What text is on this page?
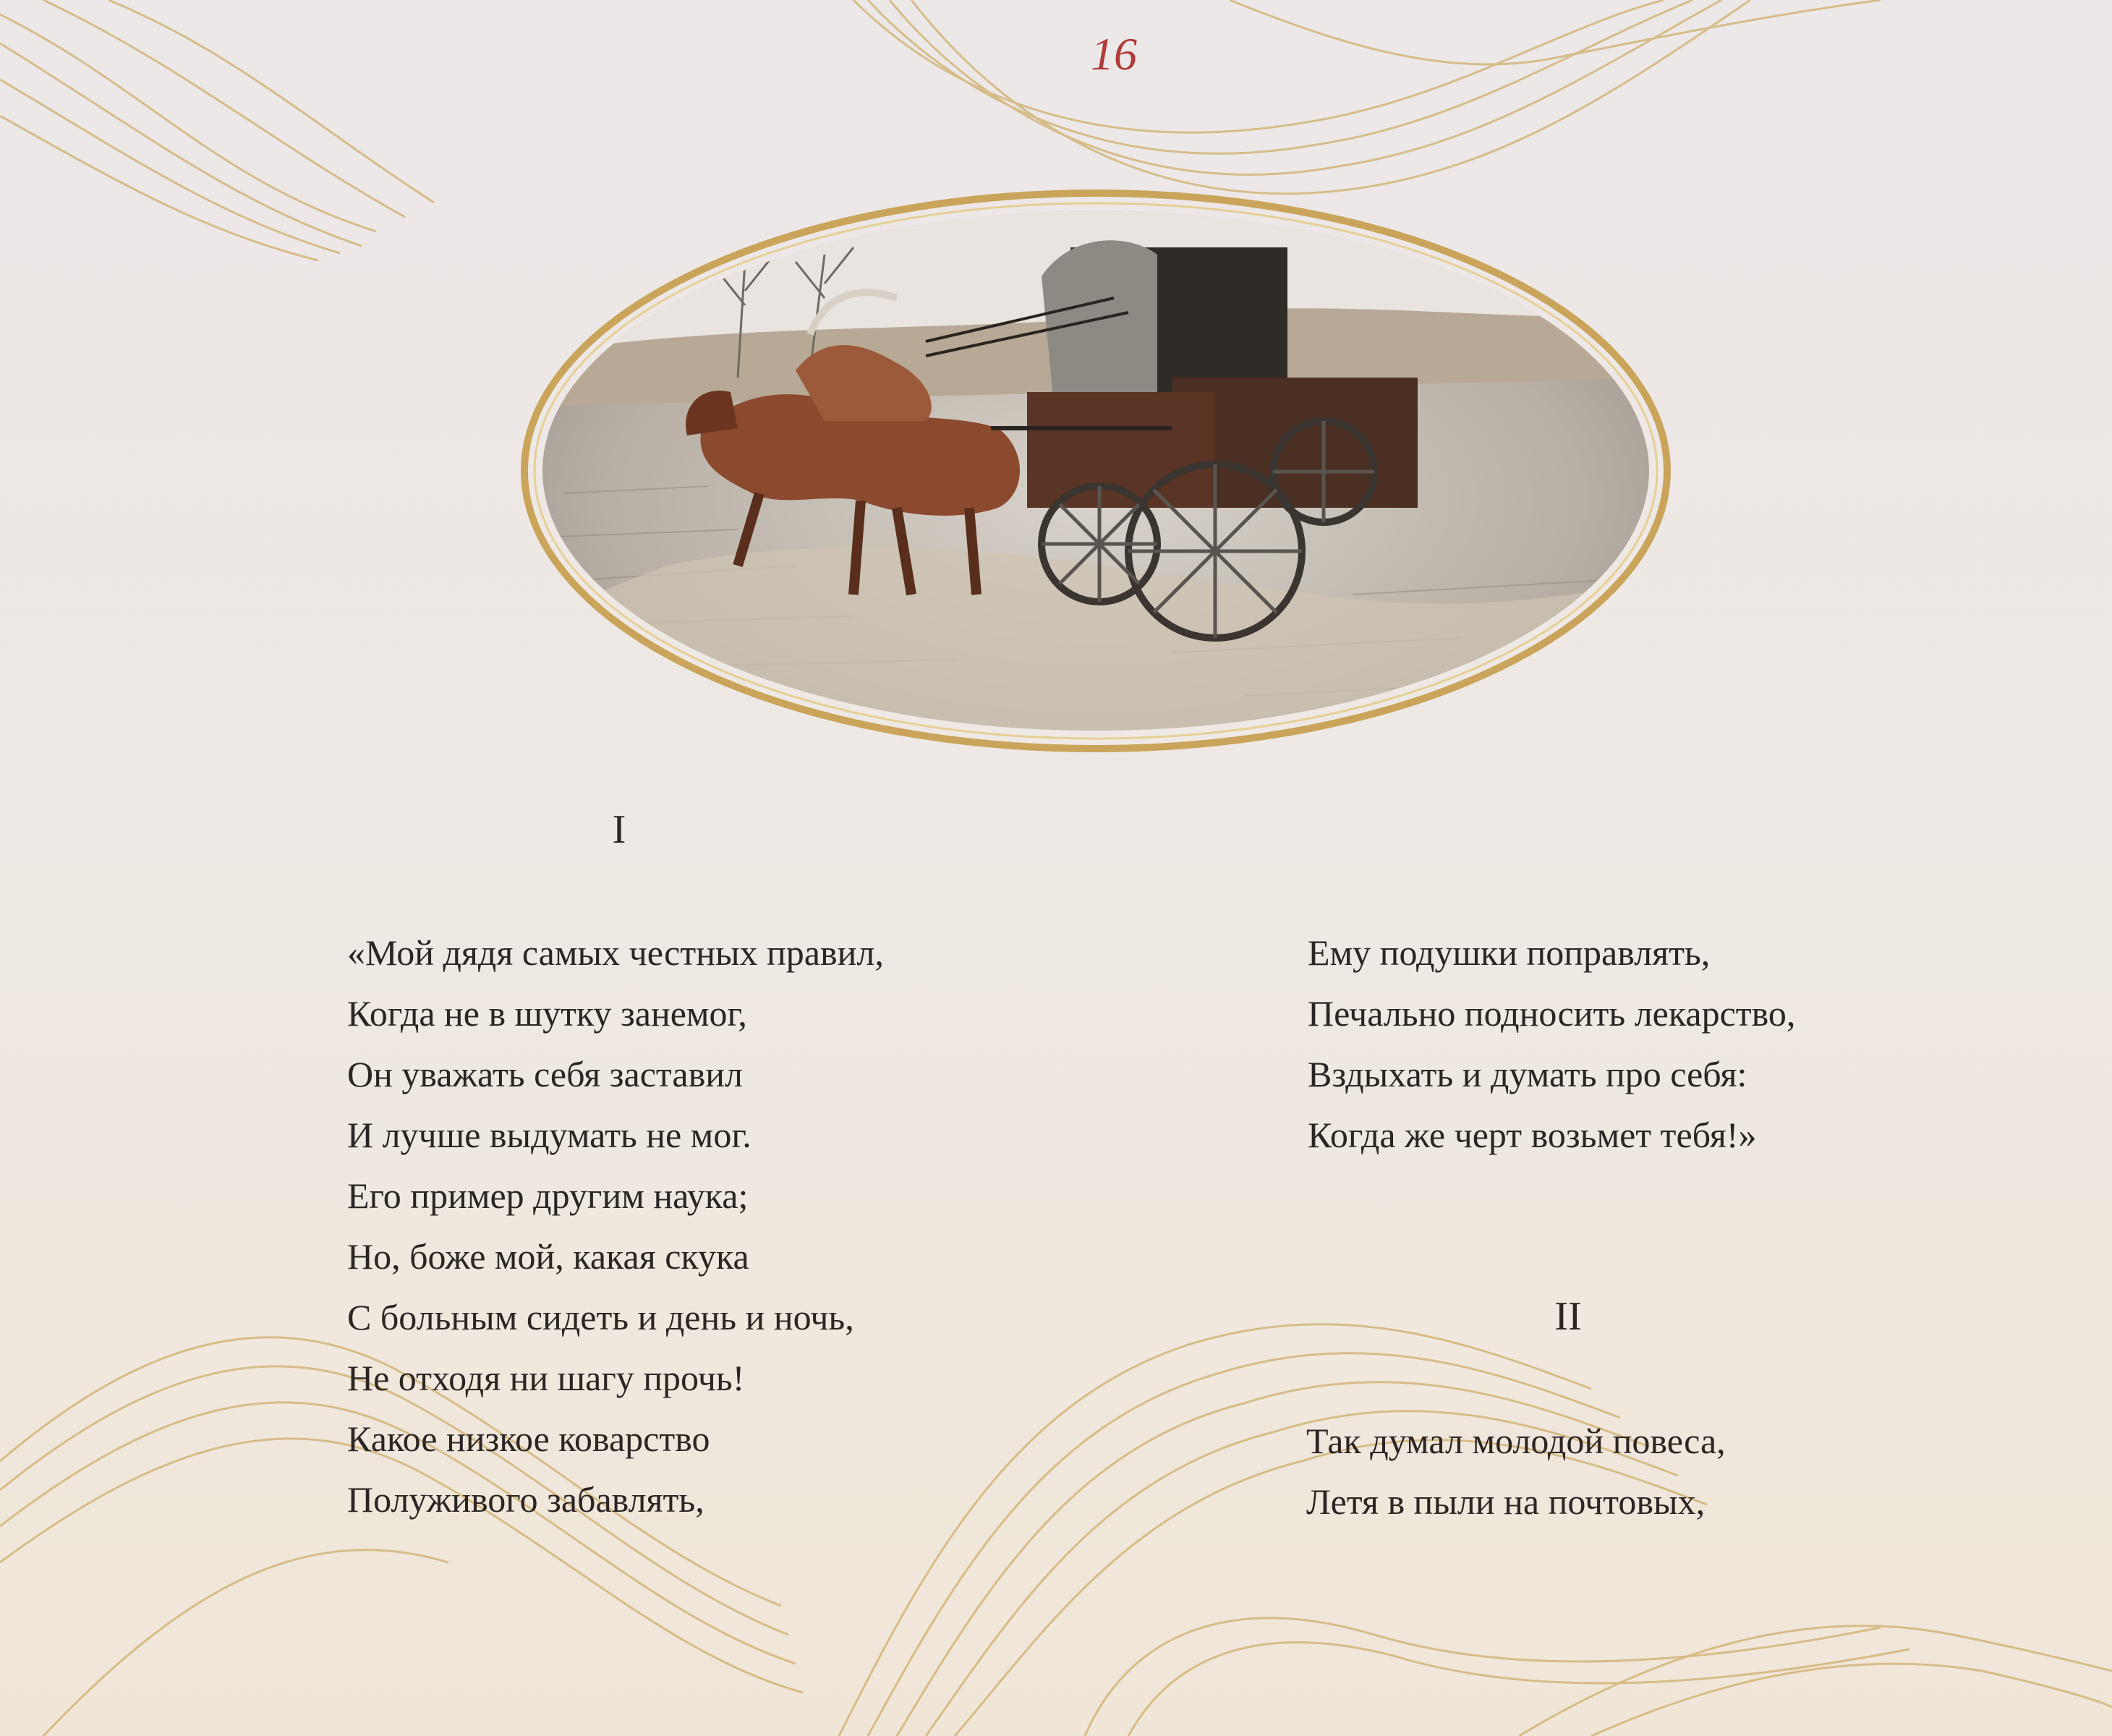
16
I
«Мой дядя самых честных правил,
Когда не в шутку занемог,
Он уважать себя заставил
И лучше выдумать не мог.
Его пример другим наука;
Но, боже мой, какая скука
С больным сидеть и день и ночь,
Не отходя ни шагу прочь!
Какое низкое коварство
Полуживого забавлять,
Ему подушки поправлять,
Печально подносить лекарство,
Вздыхать и думать про себя:
Когда же черт возьмет тебя!»
II
Так думал молодой повеса,
Летя в пыли на почтовых,
